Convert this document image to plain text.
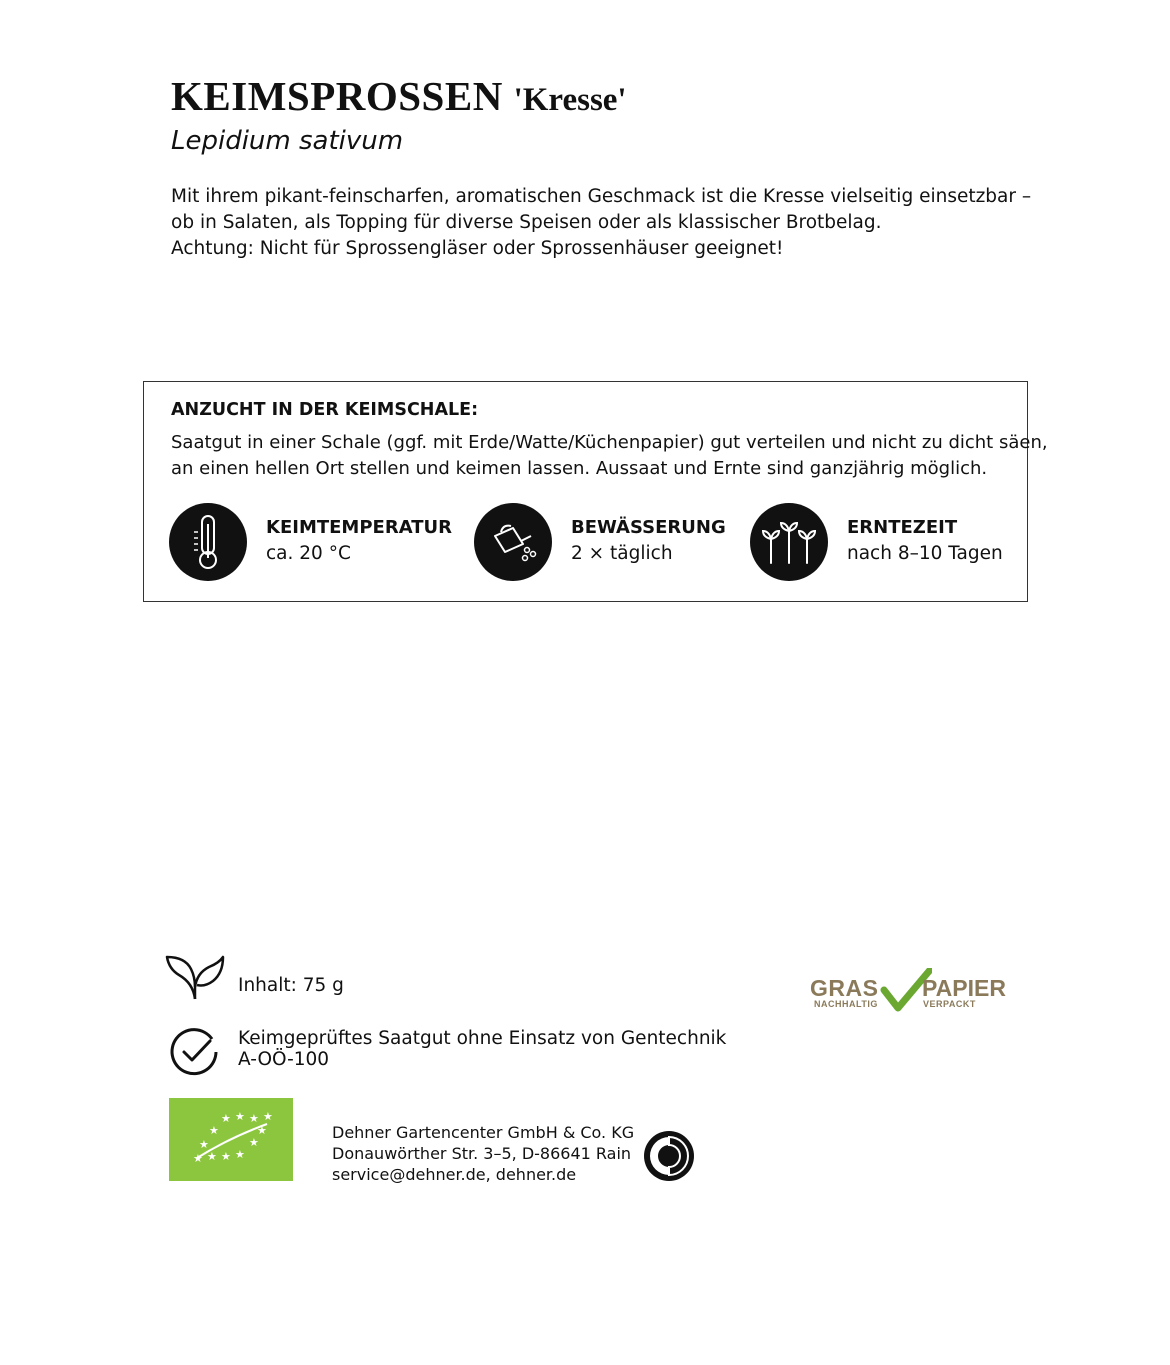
KEIMSPROSSEN 'Kresse'
Lepidium sativum
Mit ihrem pikant-feinscharfen, aromatischen Geschmack ist die Kresse vielseitig einsetzbar –
ob in Salaten, als Topping für diverse Speisen oder als klassischer Brotbelag.
Achtung: Nicht für Sprossengläser oder Sprossenhäuser geeignet!
ANZUCHT IN DER KEIMSCHALE:
Saatgut in einer Schale (ggf. mit Erde/Watte/Küchenpapier) gut verteilen und nicht zu dicht säen,
an einen hellen Ort stellen und keimen lassen. Aussaat und Ernte sind ganzjährig möglich.
KEIMTEMPERATUR
ca. 20 °C
BEWÄSSERUNG
2 × täglich
ERNTEZEIT
nach 8–10 Tagen
Inhalt: 75 g
Keimgeprüftes Saatgut ohne Einsatz von Gentechnik
A-OÖ-100
★ ★ ★ ★
★	★
★	★
★ ★ ★ ★
Dehner Gartencenter GmbH & Co. KG
Donauwörther Str. 3–5, D-86641 Rain
service@dehner.de, dehner.de
GRAS
NACHHALTIG
PAPIER
VERPACKT
